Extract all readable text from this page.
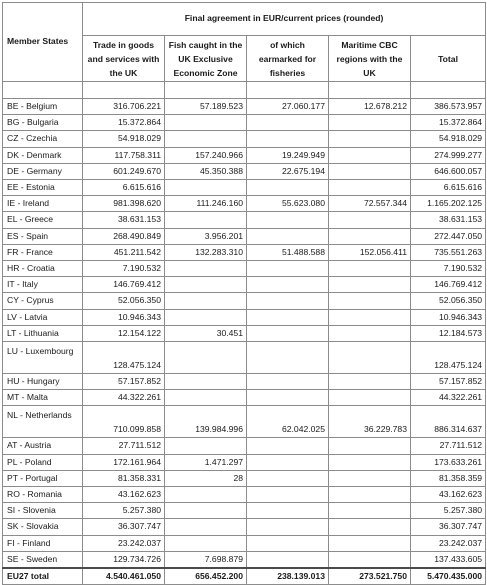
Member States	Final agreement in EUR/current prices (rounded)				
	Trade in goods and services with the UK	Fish caught in the UK Exclusive Economic Zone	of which earmarked for fisheries	Maritime CBC regions with the UK	Total

BE - Belgium	316.706.221	57.189.523	27.060.177	12.678.212	386.573.957
BG - Bulgaria	15.372.864				15.372.864
CZ - Czechia	54.918.029				54.918.029
DK - Denmark	117.758.311	157.240.966	19.249.949		274.999.277
DE - Germany	601.249.670	45.350.388	22.675.194		646.600.057
EE - Estonia	6.615.616				6.615.616
IE - Ireland	981.398.620	111.246.160	55.623.080	72.557.344	1.165.202.125
EL - Greece	38.631.153				38.631.153
ES - Spain	268.490.849	3.956.201			272.447.050
FR - France	451.211.542	132.283.310	51.488.588	152.056.411	735.551.263
HR - Croatia	7.190.532				7.190.532
IT - Italy	146.769.412				146.769.412
CY - Cyprus	52.056.350				52.056.350
LV - Latvia	10.946.343				10.946.343
LT - Lithuania	12.154.122	30.451			12.184.573
LU - Luxembourg	128.475.124				128.475.124
HU - Hungary	57.157.852				57.157.852
MT - Malta	44.322.261				44.322.261
NL - Netherlands	710.099.858	139.984.996	62.042.025	36.229.783	886.314.637
AT - Austria	27.711.512				27.711.512
PL - Poland	172.161.964	1.471.297			173.633.261
PT - Portugal	81.358.331	28			81.358.359
RO - Romania	43.162.623				43.162.623
SI - Slovenia	5.257.380				5.257.380
SK - Slovakia	36.307.747				36.307.747
FI - Finland	23.242.037				23.242.037
SE - Sweden	129.734.726	7.698.879			137.433.605
EU27 total	4.540.461.050	656.452.200	238.139.013	273.521.750	5.470.435.000
